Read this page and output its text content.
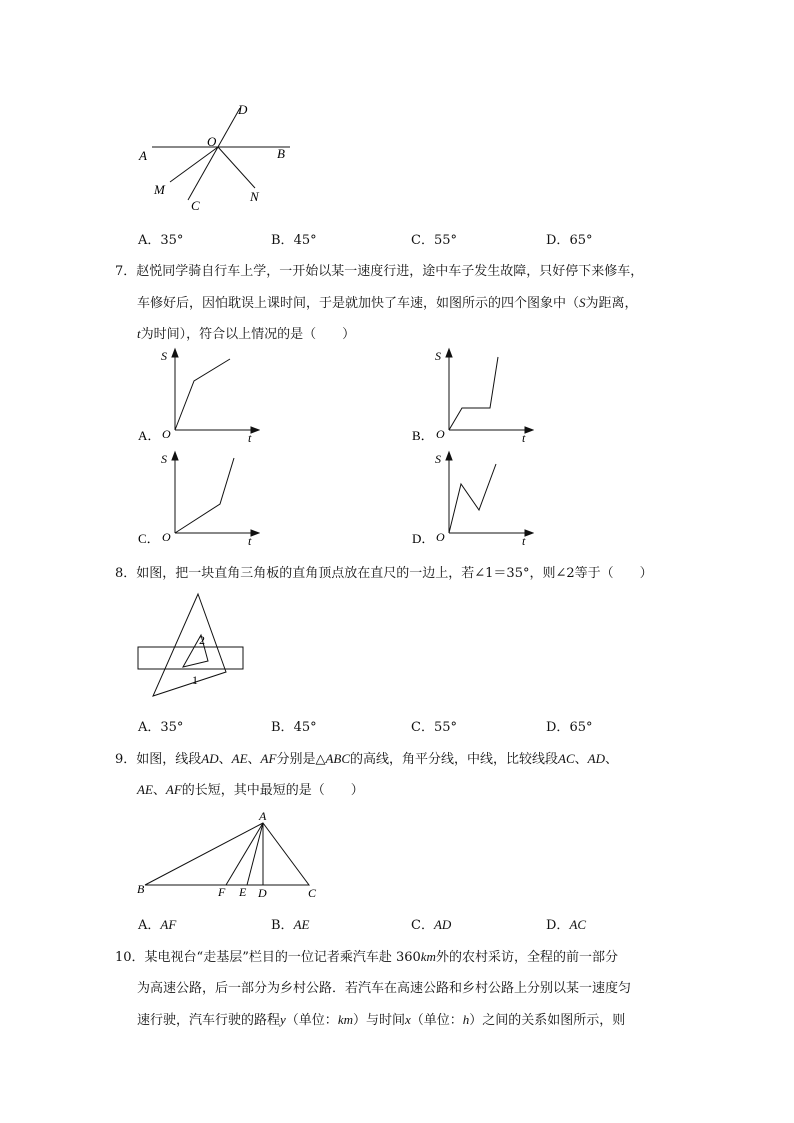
D
O
A	B
M	N
C
A．35°	B．45°	C．55°	D．65°
7．赵悦同学骑自行车上学，一开始以某一速度行进，途中车子发生故障，只好停下来修车，
车修好后，因怕耽误上课时间，于是就加快了车速，如图所示的四个图象中（S为距离，
t为时间），符合以上情况的是（　　）
S
O	t
A．
S
O	t
B．
S
O	t
C．
S
O	t
D．
8．如图，把一块直角三角板的直角顶点放在直尺的一边上，若∠1＝35°，则∠2等于（　　）
2
1
A．35°	B．45°	C．55°	D．65°
9．如图，线段AD、AE、AF分别是△ABC的高线，角平分线，中线，比较线段AC、AD、
AE、AF的长短，其中最短的是（　　）
A
B	F E D	C
A．AF	B．AE	C．AD	D．AC
10．某电视台“走基层”栏目的一位记者乘汽车赴 360km外的农村采访，全程的前一部分
为高速公路，后一部分为乡村公路．若汽车在高速公路和乡村公路上分别以某一速度匀
速行驶，汽车行驶的路程y（单位：km）与时间x（单位：h）之间的关系如图所示，则
